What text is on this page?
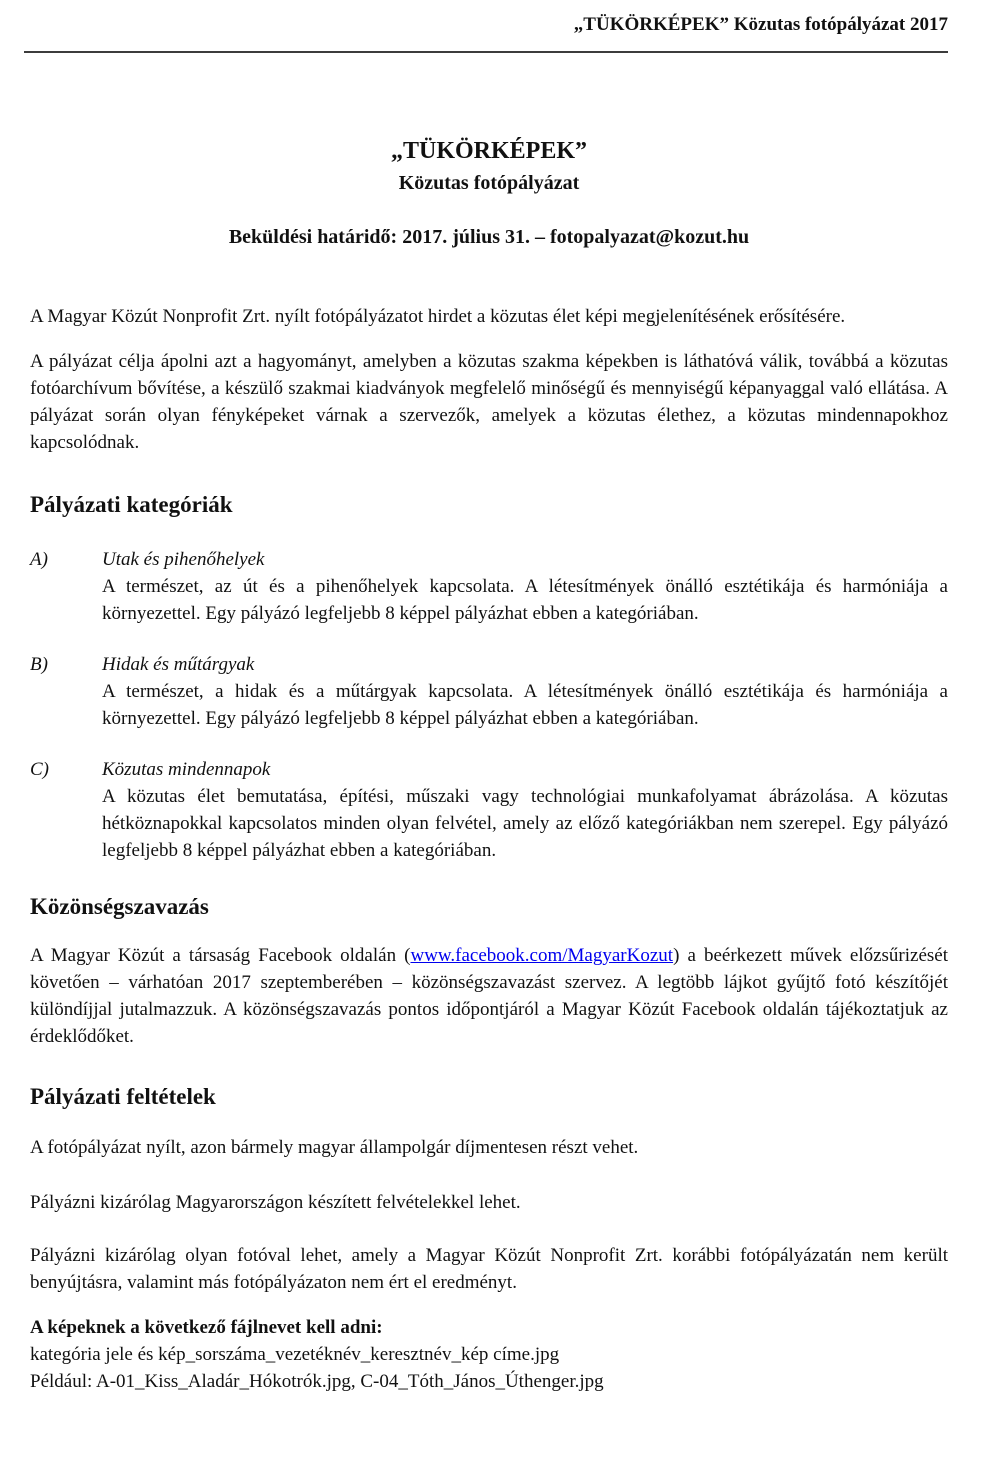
„TÜKÖRKÉPEK” Közutas fotópályázat 2017
„TÜKÖRKÉPEK”
Közutas fotópályázat
Beküldési határidő: 2017. július 31. – fotopalyazat@kozut.hu

A Magyar Közút Nonprofit Zrt. nyílt fotópályázatot hirdet a közutas élet képi megjelenítésének erősítésére.

A pályázat célja ápolni azt a hagyományt, amelyben a közutas szakma képekben is láthatóvá válik, továbbá a közutas fotóarchívum bővítése, a készülő szakmai kiadványok megfelelő minőségű és mennyiségű képanyaggal való ellátása. A pályázat során olyan fényképeket várnak a szervezők, amelyek a közutas élethez, a közutas mindennapokhoz kapcsolódnak.

Pályázati kategóriák
A)	Utak és pihenőhelyek
A természet, az út és a pihenőhelyek kapcsolata. A létesítmények önálló esztétikája és harmóniája a környezettel. Egy pályázó legfeljebb 8 képpel pályázhat ebben a kategóriában.
B)	Hidak és műtárgyak
A természet, a hidak és a műtárgyak kapcsolata. A létesítmények önálló esztétikája és harmóniája a környezettel. Egy pályázó legfeljebb 8 képpel pályázhat ebben a kategóriában.
C)	Közutas mindennapok
A közutas élet bemutatása, építési, műszaki vagy technológiai munkafolyamat ábrázolása. A közutas hétköznapokkal kapcsolatos minden olyan felvétel, amely az előző kategóriákban nem szerepel. Egy pályázó legfeljebb 8 képpel pályázhat ebben a kategóriában.
Közönségszavazás

A Magyar Közút a társaság Facebook oldalán (www.facebook.com/MagyarKozut) a beérkezett művek előzsűrizését követően – várhatóan 2017 szeptemberében – közönségszavazást szervez. A legtöbb lájkot gyűjtő fotó készítőjét különdíjjal jutalmazzuk. A közönségszavazás pontos időpontjáról a Magyar Közút Facebook oldalán tájékoztatjuk az érdeklődőket.

Pályázati feltételek

A fotópályázat nyílt, azon bármely magyar állampolgár díjmentesen részt vehet.

Pályázni kizárólag Magyarországon készített felvételekkel lehet.

Pályázni kizárólag olyan fotóval lehet, amely a Magyar Közút Nonprofit Zrt. korábbi fotópályázatán nem került benyújtásra, valamint más fotópályázaton nem ért el eredményt.

A képeknek a következő fájlnevet kell adni:

kategória jele és kép_sorszáma_vezetéknév_keresztnév_kép címe.jpg

Például: A-01_Kiss_Aladár_Hókotrók.jpg, C-04_Tóth_János_Úthenger.jpg
